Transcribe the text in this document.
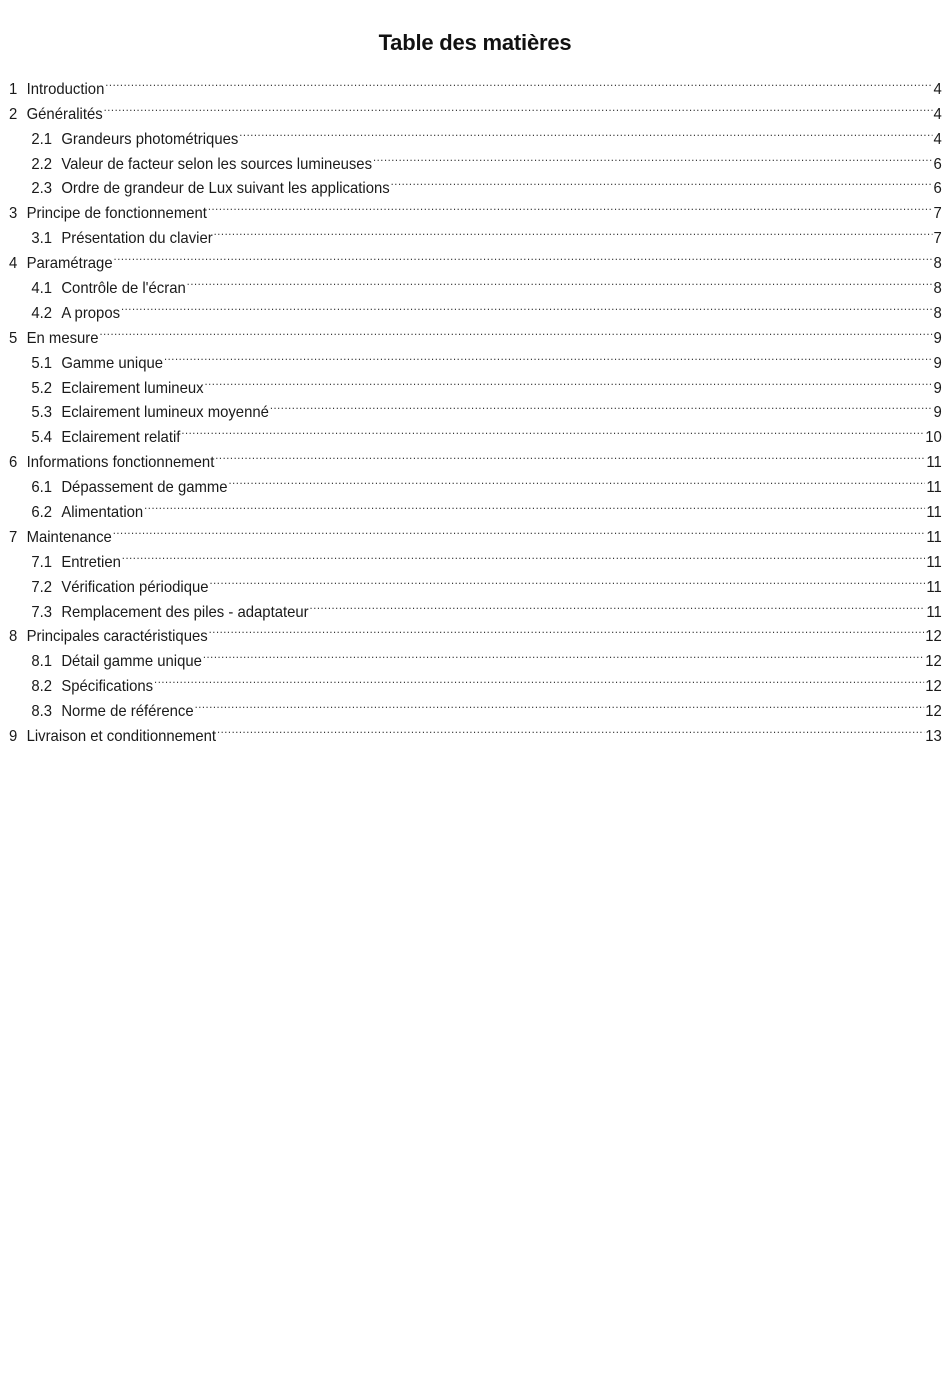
Table des matières
1 Introduction .....	4
2 Généralités .....	4
2.1 Grandeurs photométriques .....	4
2.2 Valeur de facteur selon les sources lumineuses .....	6
2.3 Ordre de grandeur de Lux suivant les applications .....	6
3 Principe de fonctionnement .....	7
3.1 Présentation du clavier .....	7
4 Paramétrage .....	8
4.1 Contrôle de l'écran .....	8
4.2 A propos .....	8
5 En mesure .....	9
5.1 Gamme unique .....	9
5.2 Eclairement lumineux .....	9
5.3 Eclairement lumineux moyenné .....	9
5.4 Eclairement relatif .....	10
6 Informations fonctionnement .....	11
6.1 Dépassement de gamme .....	11
6.2 Alimentation .....	11
7 Maintenance .....	11
7.1 Entretien .....	11
7.2 Vérification périodique .....	11
7.3 Remplacement des piles - adaptateur .....	11
8 Principales caractéristiques .....	12
8.1 Détail gamme unique .....	12
8.2 Spécifications .....	12
8.3 Norme de référence .....	12
9 Livraison et conditionnement .....	13
